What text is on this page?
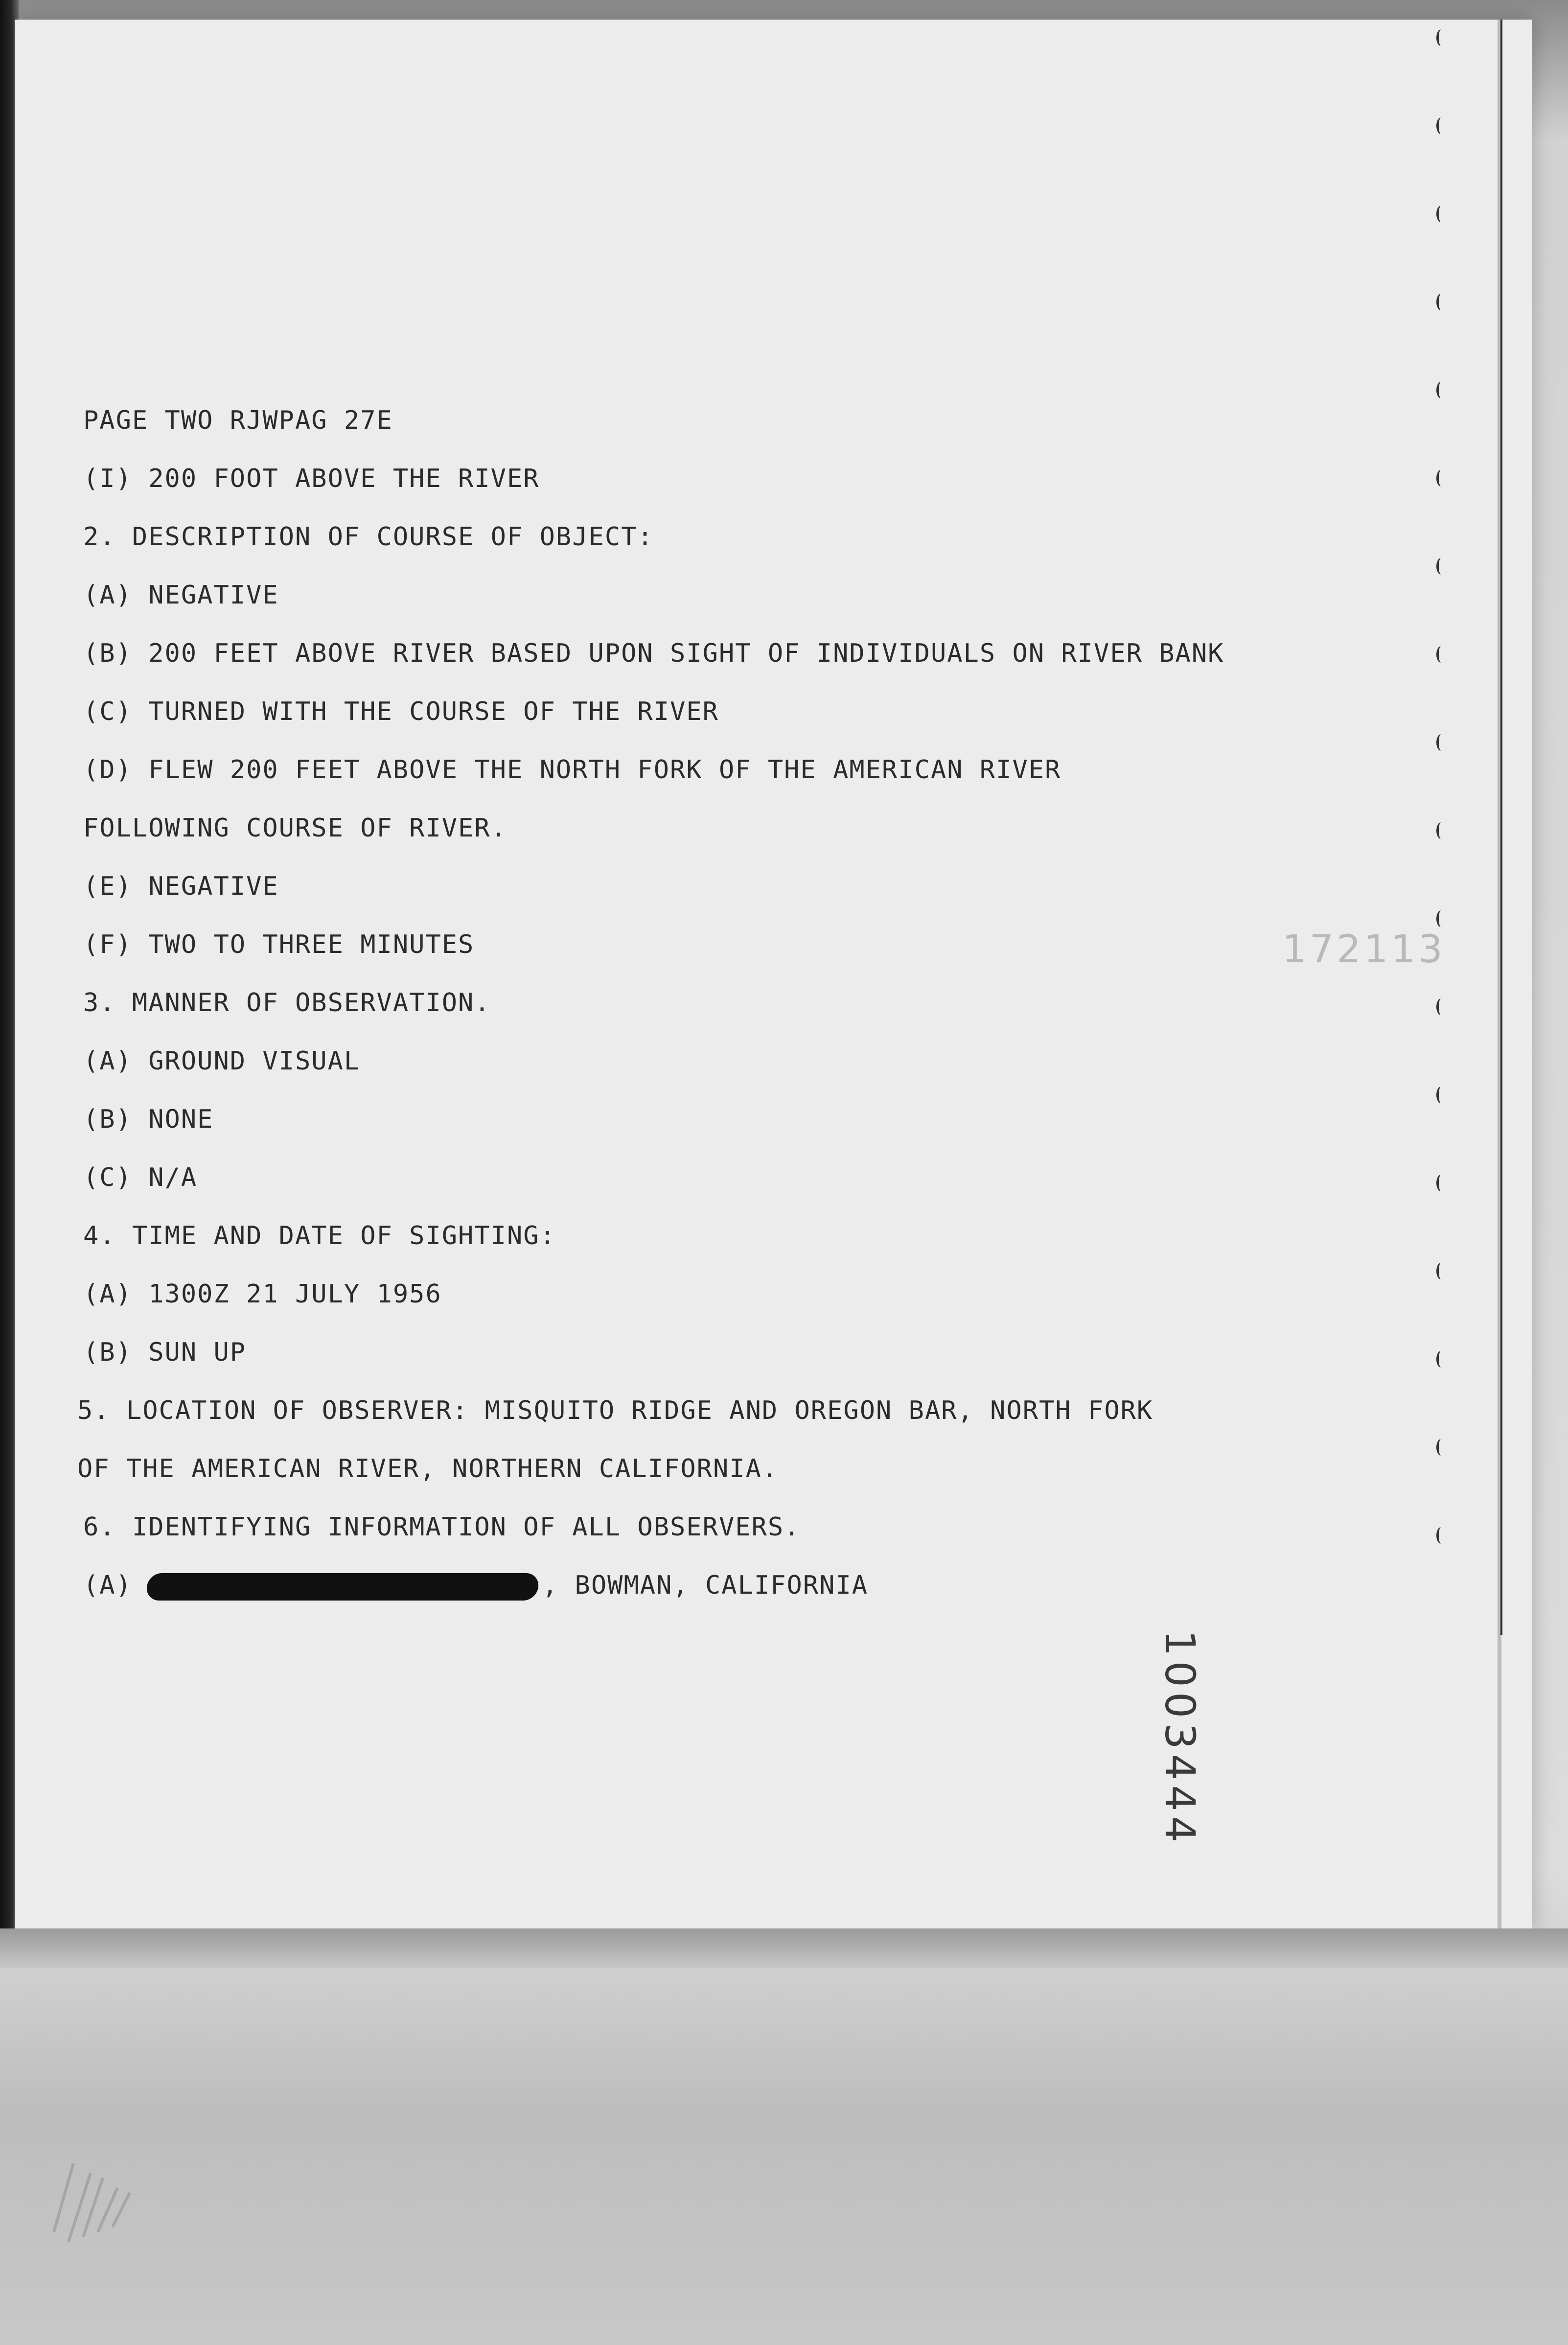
PAGE TWO RJWPAG 27E
(I) 200 FOOT ABOVE THE RIVER
2. DESCRIPTION OF COURSE OF OBJECT:
(A) NEGATIVE
(B) 200 FEET ABOVE RIVER BASED UPON SIGHT OF INDIVIDUALS ON RIVER BANK
(C) TURNED WITH THE COURSE OF THE RIVER
(D) FLEW 200 FEET ABOVE THE NORTH FORK OF THE AMERICAN RIVER
FOLLOWING COURSE OF RIVER.
(E) NEGATIVE
(F) TWO TO THREE MINUTES
3. MANNER OF OBSERVATION.
(A) GROUND VISUAL
(B) NONE
(C) N/A
4. TIME AND DATE OF SIGHTING:
(A) 1300Z 21 JULY 1956
(B) SUN UP
5. LOCATION OF OBSERVER: MISQUITO RIDGE AND OREGON BAR, NORTH FORK
OF THE AMERICAN RIVER, NORTHERN CALIFORNIA.
6. IDENTIFYING INFORMATION OF ALL OBSERVERS.
(A)	, BOWMAN, CALIFORNIA
172113
1003444
